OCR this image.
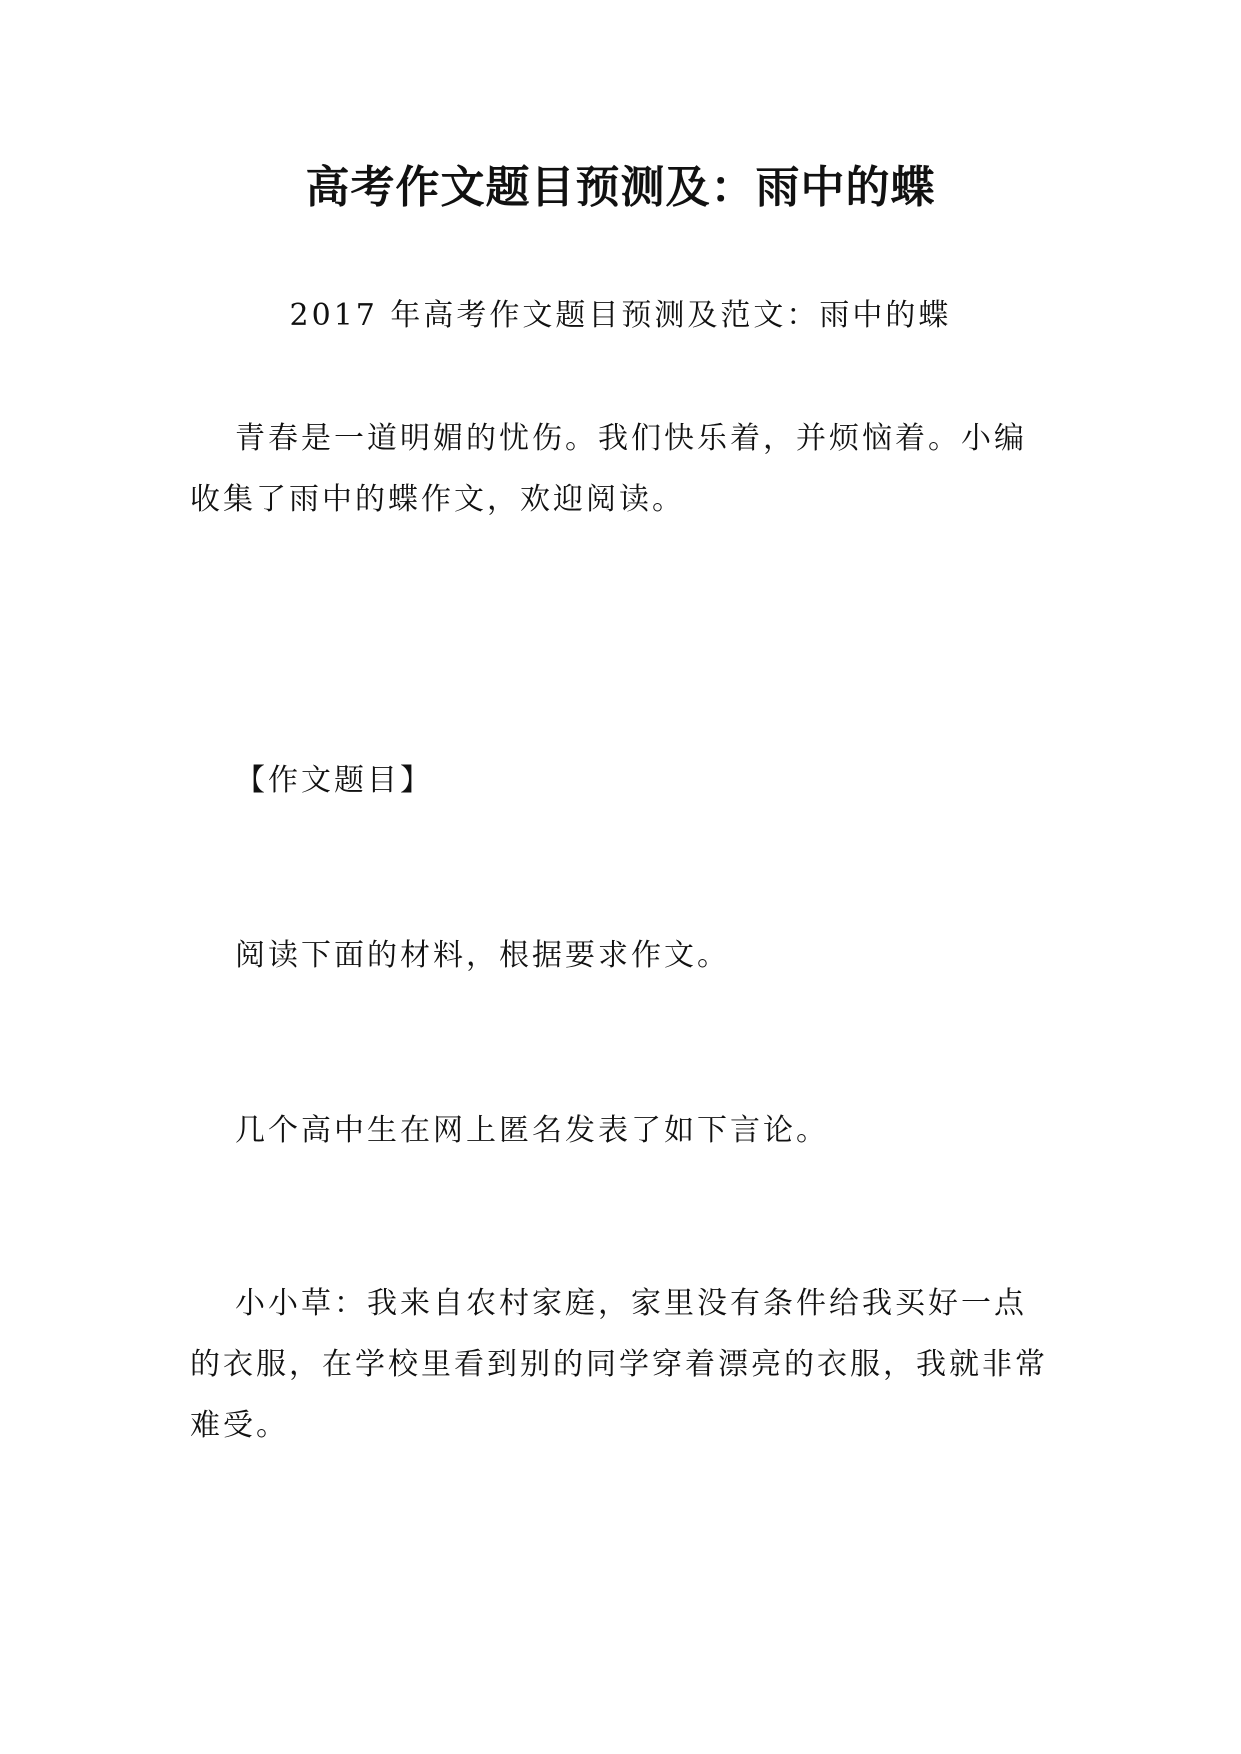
高考作文题目预测及：雨中的蝶
2017 年高考作文题目预测及范文：雨中的蝶

青春是一道明媚的忧伤。我们快乐着，并烦恼着。小编收集了雨中的蝶作文，欢迎阅读。

【作文题目】

阅读下面的材料，根据要求作文。

几个高中生在网上匿名发表了如下言论。

小小草：我来自农村家庭，家里没有条件给我买好一点的衣服，在学校里看到别的同学穿着漂亮的衣服，我就非常难受。
